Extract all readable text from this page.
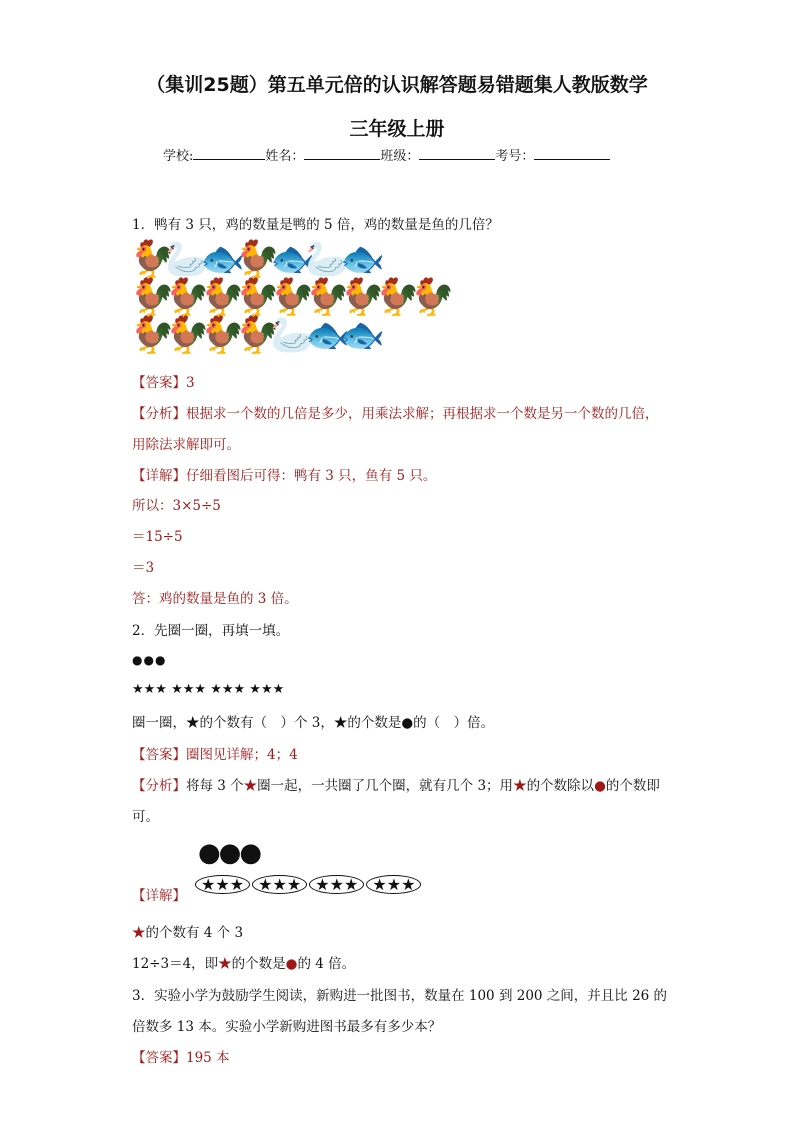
（集训25题）第五单元倍的认识解答题易错题集人教版数学
三年级上册
学校:	姓名：	班级：	考号：
1．鸭有 3 只，鸡的数量是鸭的 5 倍，鸡的数量是鱼的几倍？
🐓🦢🐟🐓🐟🦢🐟
🐓🐓🐓🐓🐓🐓🐓🐓🐓
🐓🐓🐓🐓🦢🐟🐟
【答案】3
【分析】根据求一个数的几倍是多少，用乘法求解；再根据求一个数是另一个数的几倍，
用除法求解即可。
【详解】仔细看图后可得：鸭有 3 只，鱼有 5 只。
所以：3×5÷5
＝15÷5
＝3
答：鸡的数量是鱼的 3 倍。
2．先圈一圈，再填一填。
●●●
★★★ ★★★ ★★★ ★★★
圈一圈，★的个数有（　）个 3，★的个数是●的（　）倍。
【答案】圈图见详解；4；4
【分析】将每 3 个★圈一起，一共圈了几个圈，就有几个 3；用★的个数除以●的个数即
可。
●●●
【详解】
★★★ ★★★ ★★★ ★★★
★的个数有 4 个 3
12÷3＝4，即★的个数是●的 4 倍。
3．实验小学为鼓励学生阅读，新购进一批图书，数量在 100 到 200 之间，并且比 26 的
倍数多 13 本。实验小学新购进图书最多有多少本？
【答案】195 本
